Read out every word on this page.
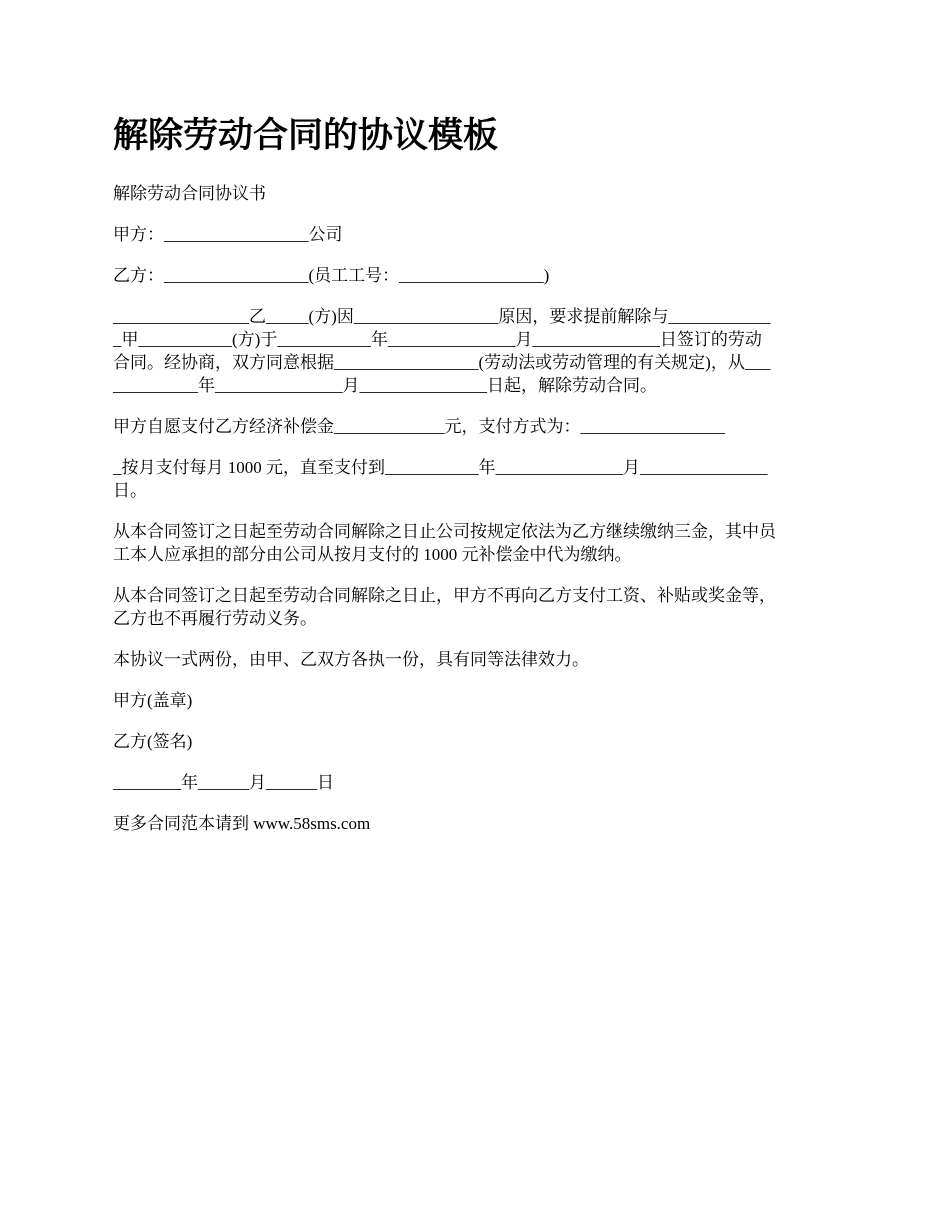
解除劳动合同的协议模板

解除劳动合同协议书

甲方：_________________公司

乙方：_________________(员工工号：_________________)

________________乙_____(方)因_________________原因，要求提前解除与____________
_甲___________(方)于___________年_______________月_______________日签订的劳动
合同。经协商，双方同意根据_________________(劳动法或劳动管理的有关规定)，从___
__________年_______________月_______________日起，解除劳动合同。

甲方自愿支付乙方经济补偿金_____________元，支付方式为：_________________

_按月支付每月 1000 元，直至支付到___________年_______________月_______________
日。

从本合同签订之日起至劳动合同解除之日止公司按规定依法为乙方继续缴纳三金，其中员
工本人应承担的部分由公司从按月支付的 1000 元补偿金中代为缴纳。

从本合同签订之日起至劳动合同解除之日止，甲方不再向乙方支付工资、补贴或奖金等，
乙方也不再履行劳动义务。

本协议一式两份，由甲、乙双方各执一份，具有同等法律效力。

甲方(盖章)

乙方(签名)

________年______月______日

更多合同范本请到 www.58sms.com
